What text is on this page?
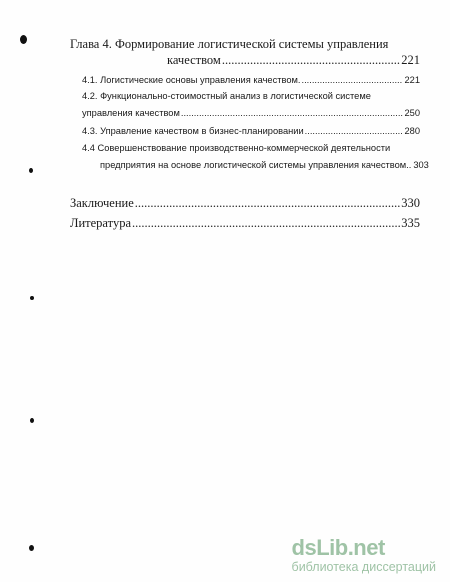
Глава 4. Формирование логистической системы управления
качеством .....	221
4.1. Логистические основы управления качеством. .....	221
4.2. Функционально-стоимостный анализ в логистической системе
управления качеством .....	250
4.3. Управление качеством в бизнес-планировании .....	280
4.4 Совершенствование производственно-коммерческой деятельности
предприятия на основе логистической системы управления качеством.. 303
Заключение .....	330
Литература .....	335
dsLib.net
библиотека диссертаций
